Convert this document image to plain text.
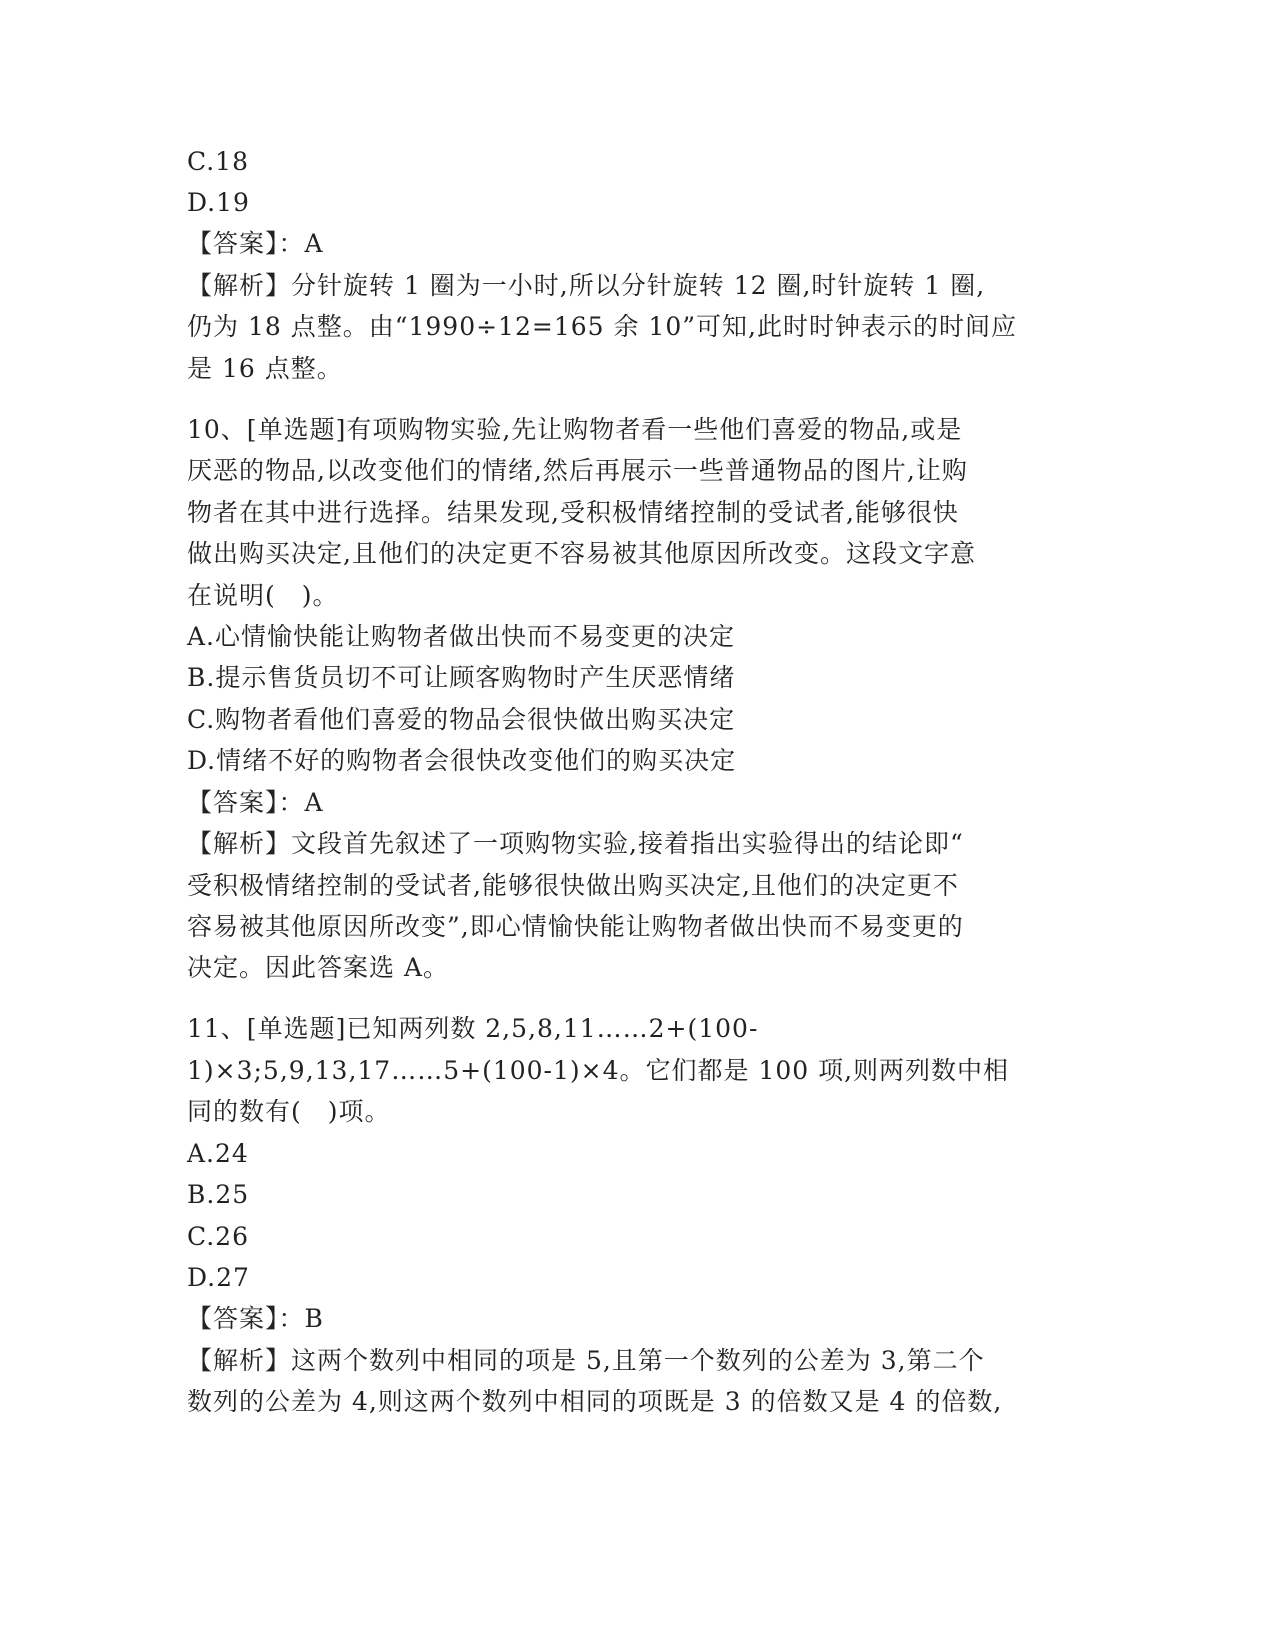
C.18
D.19
【答案】：A
【解析】分针旋转 1 圈为一小时,所以分针旋转 12 圈,时针旋转 1 圈,
仍为 18 点整。由“1990÷12=165 余 10”可知,此时时钟表示的时间应
是 16 点整。
10、[单选题]有项购物实验,先让购物者看一些他们喜爱的物品,或是
厌恶的物品,以改变他们的情绪,然后再展示一些普通物品的图片,让购
物者在其中进行选择。结果发现,受积极情绪控制的受试者,能够很快
做出购买决定,且他们的决定更不容易被其他原因所改变。这段文字意
在说明(　)。
A.心情愉快能让购物者做出快而不易变更的决定
B.提示售货员切不可让顾客购物时产生厌恶情绪
C.购物者看他们喜爱的物品会很快做出购买决定
D.情绪不好的购物者会很快改变他们的购买决定
【答案】：A
【解析】文段首先叙述了一项购物实验,接着指出实验得出的结论即“
受积极情绪控制的受试者,能够很快做出购买决定,且他们的决定更不
容易被其他原因所改变”,即心情愉快能让购物者做出快而不易变更的
决定。因此答案选 A。
11、[单选题]已知两列数 2,5,8,11……2+(100-
1)×3;5,9,13,17……5+(100-1)×4。它们都是 100 项,则两列数中相
同的数有(　)项。
A.24
B.25
C.26
D.27
【答案】：B
【解析】这两个数列中相同的项是 5,且第一个数列的公差为 3,第二个
数列的公差为 4,则这两个数列中相同的项既是 3 的倍数又是 4 的倍数,
